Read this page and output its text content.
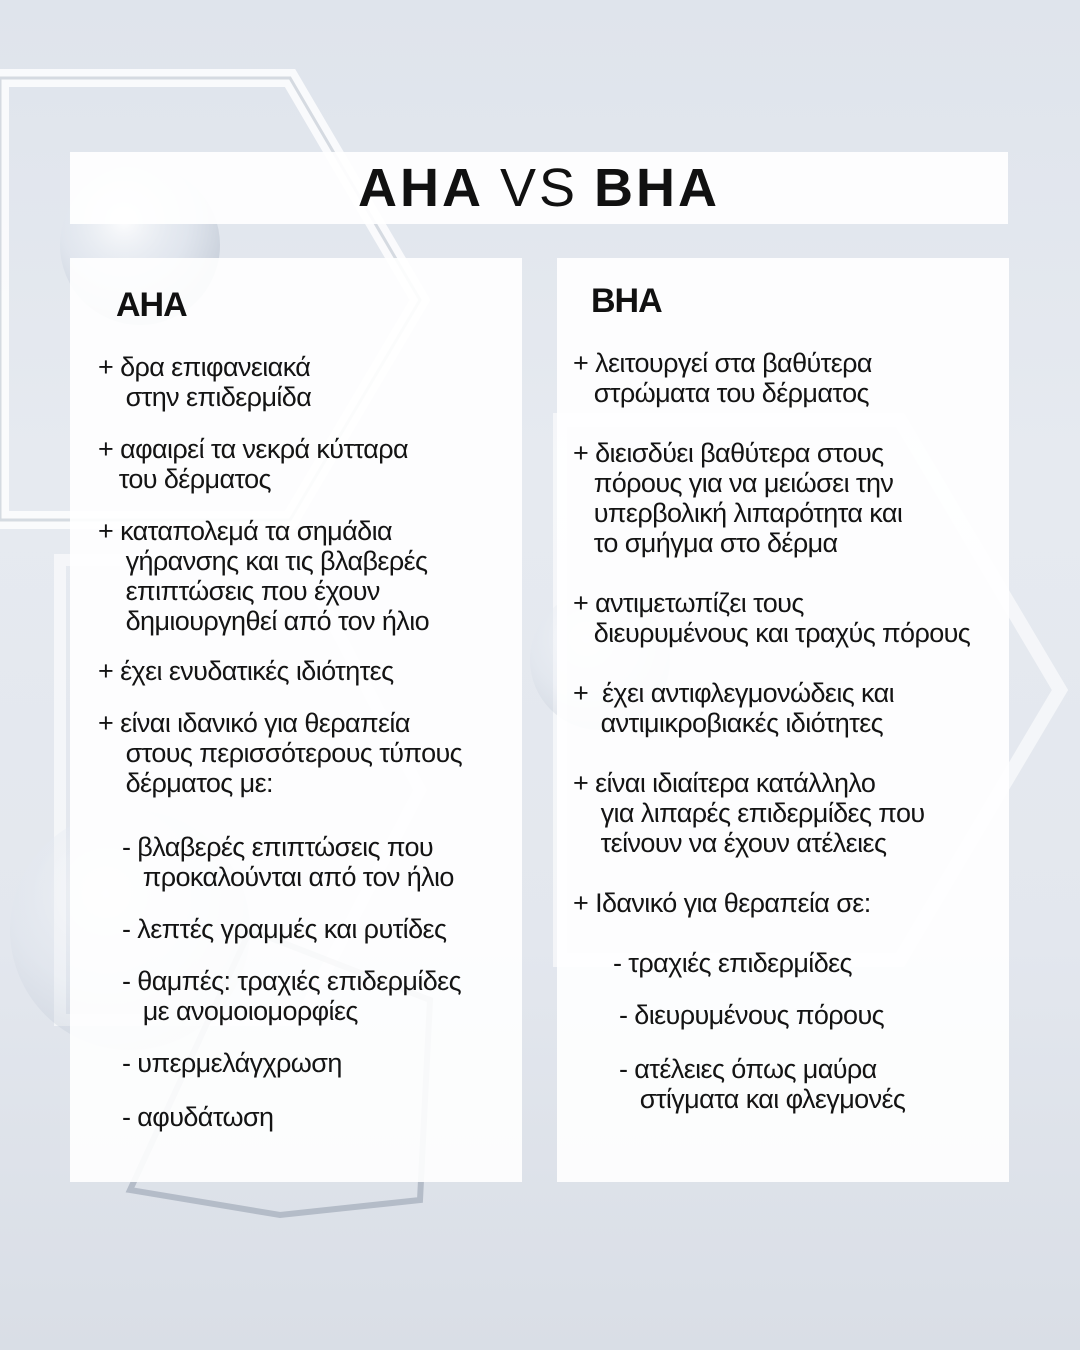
AHA VS BHA
AHA
+ δρα επιφανειακά
στην επιδερμίδα
+ αφαιρεί τα νεκρά κύτταρα
του δέρματος
+ καταπολεμά τα σημάδια
γήρανσης και τις βλαβερές
επιπτώσεις που έχουν
δημιουργηθεί από τον ήλιο
+ έχει ενυδατικές ιδιότητες
+ είναι ιδανικό για θεραπεία
στους περισσότερους τύπους
δέρματος με:
- βλαβερές επιπτώσεις που
προκαλούνται από τον ήλιο
- λεπτές γραμμές και ρυτίδες
- θαμπές: τραχιές επιδερμίδες
με ανομοιομορφίες
- υπερμελάγχρωση
- αφυδάτωση
BHA
+ λειτουργεί στα βαθύτερα
στρώματα του δέρματος
+ διεισδύει βαθύτερα στους
πόρους για να μειώσει την
υπερβολική λιπαρότητα και
το σμήγμα στο δέρμα
+ αντιμετωπίζει τους
διευρυμένους και τραχύς πόρους
+  έχει αντιφλεγμονώδεις και
αντιμικροβιακές ιδιότητες
+ είναι ιδιαίτερα κατάλληλο
για λιπαρές επιδερμίδες που
τείνουν να έχουν ατέλειες
+ Ιδανικό για θεραπεία σε:
- τραχιές επιδερμίδες
- διευρυμένους πόρους
- ατέλειες όπως μαύρα
στίγματα και φλεγμονές
